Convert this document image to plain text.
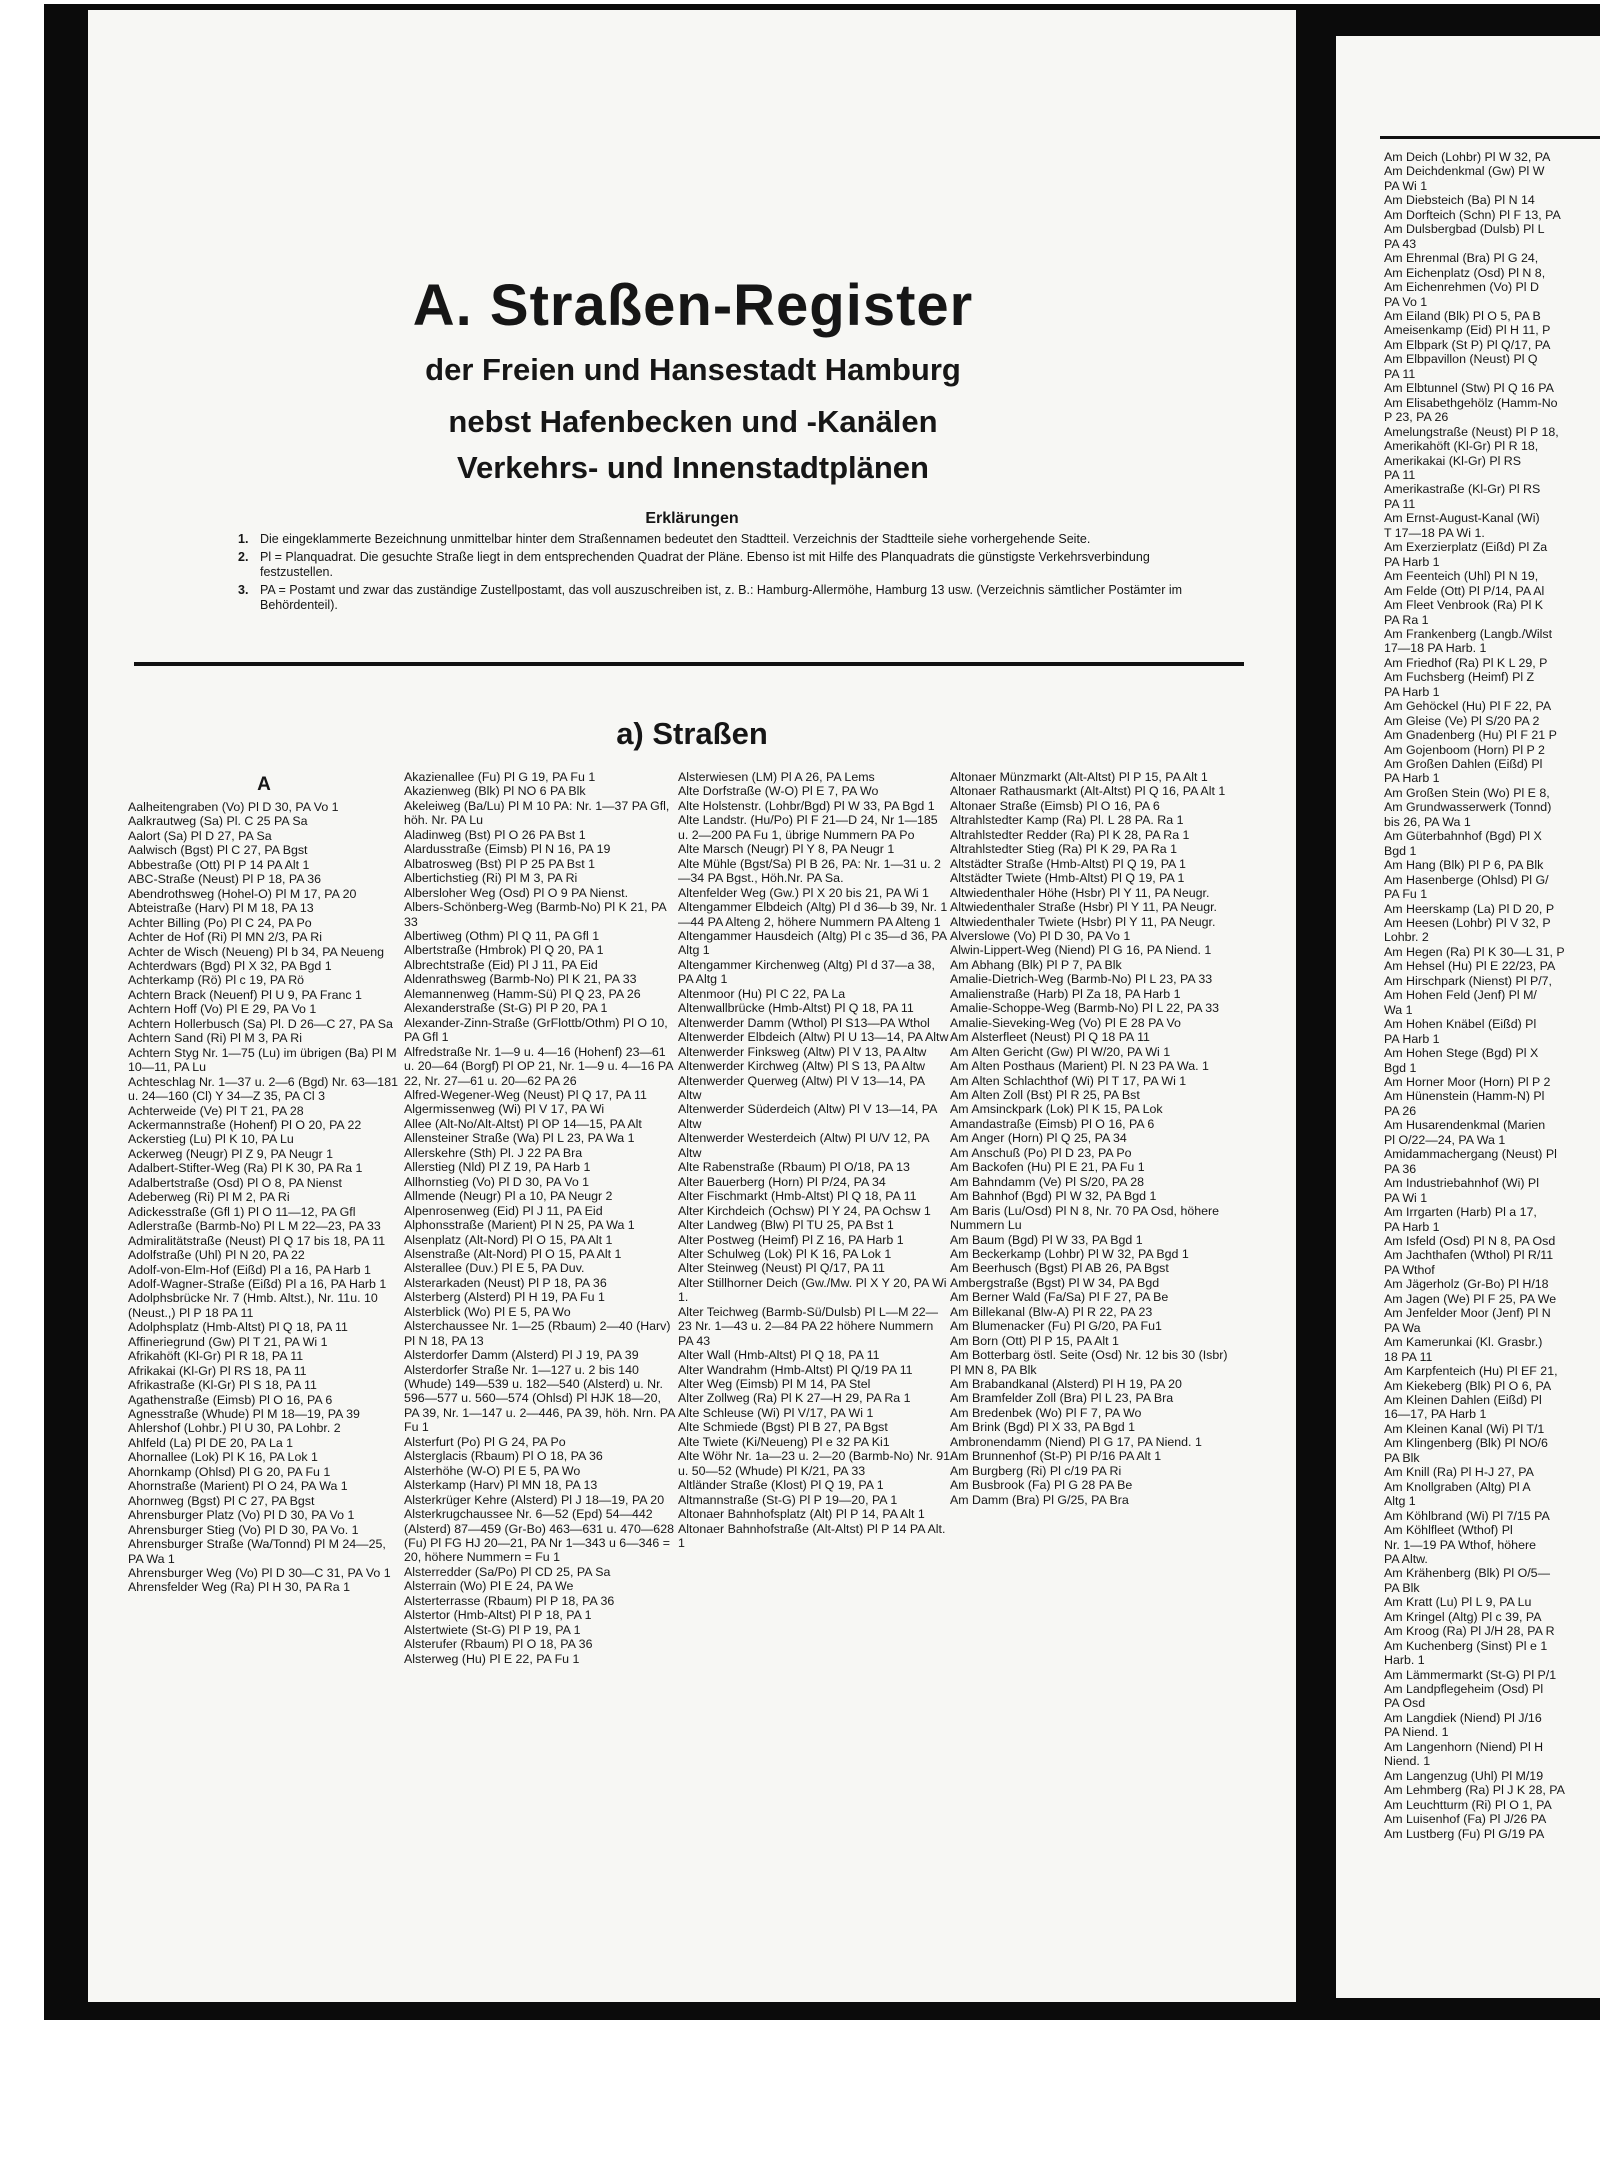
A. Straßen-Register
der Freien und Hansestadt Hamburg
nebst Hafenbecken und -Kanälen
Verkehrs- und Innenstadtplänen
Erklärungen
1. Die eingeklammerte Bezeichnung unmittelbar hinter dem Straßennamen bedeutet den Stadtteil. Verzeichnis der Stadtteile siehe vorhergehende Seite.
2. Pl = Planquadrat. Die gesuchte Straße liegt in dem entsprechenden Quadrat der Pläne. Ebenso ist mit Hilfe des Planquadrats die günstigste Verkehrsverbindung festzustellen.
3. PA = Postamt und zwar das zuständige Zustellpostamt, das voll auszuschreiben ist, z. B.: Hamburg-Allermöhe, Hamburg 13 usw. (Verzeichnis sämtlicher Postämter im Behördenteil).
a) Straßen
A
Aalheitengraben (Vo) Pl D 30, PA Vo 1
Aalkrautweg (Sa) Pl. C 25 PA Sa
Aalort (Sa) Pl D 27, PA Sa
Aalwisch (Bgst) Pl C 27, PA Bgst
Abbestraße (Ott) Pl P 14 PA Alt 1
ABC-Straße (Neust) Pl P 18, PA 36
Abendrothsweg (Hohel-O) Pl M 17, PA 20
Abteistraße (Harv) Pl M 18, PA 13
Achter Billing (Po) Pl C 24, PA Po
Achter de Hof (Ri) Pl MN 2/3, PA Ri
Achter de Wisch (Neueng) Pl b 34, PA Neueng
Achterdwars (Bgd) Pl X 32, PA Bgd 1
Achterkamp (Rö) Pl c 19, PA Rö
Achtern Brack (Neuenf) Pl U 9, PA Franc 1
Achtern Hoff (Vo) Pl E 29, PA Vo 1
Achtern Hollerbusch (Sa) Pl. D 26—C 27, PA Sa
Achtern Sand (Ri) Pl M 3, PA Ri
Achtern Styg Nr. 1—75 (Lu) im übrigen (Ba) Pl M 10—11, PA Lu
Achteschlag Nr. 1—37 u. 2—6 (Bgd) Nr. 63—181 u. 24—160 (Cl) Y 34—Z 35, PA Cl 3
Achterweide (Ve) Pl T 21, PA 28
Ackermannstraße (Hohenf) Pl O 20, PA 22
Ackerstieg (Lu) Pl K 10, PA Lu
Ackerweg (Neugr) Pl Z 9, PA Neugr 1
Adalbert-Stifter-Weg (Ra) Pl K 30, PA Ra 1
Adalbertstraße (Osd) Pl O 8, PA Nienst
Adeberweg (Ri) Pl M 2, PA Ri
Adickesstraße (Gfl 1) Pl O 11—12, PA Gfl
Adlerstraße (Barmb-No) Pl L M 22—23, PA 33
Admiralitätstraße (Neust) Pl Q 17 bis 18, PA 11
Adolfstraße (Uhl) Pl N 20, PA 22
Adolf-von-Elm-Hof (Eißd) Pl a 16, PA Harb 1
Adolf-Wagner-Straße (Eißd) Pl a 16, PA Harb 1
Adolphsbrücke Nr. 7 (Hmb. Altst.), Nr. 11u. 10 (Neust.,) Pl P 18 PA 11
Adolphsplatz (Hmb-Altst) Pl Q 18, PA 11
Affineriegrund (Gw) Pl T 21, PA Wi 1
Afrikahöft (Kl-Gr) Pl R 18, PA 11
Afrikakai (Kl-Gr) Pl RS 18, PA 11
Afrikastraße (Kl-Gr) Pl S 18, PA 11
Agathenstraße (Eimsb) Pl O 16, PA 6
Agnesstraße (Whude) Pl M 18—19, PA 39
Ahlershof (Lohbr.) Pl U 30, PA Lohbr. 2
Ahlfeld (La) Pl DE 20, PA La 1
Ahornallee (Lok) Pl K 16, PA Lok 1
Ahornkamp (Ohlsd) Pl G 20, PA Fu 1
Ahornstraße (Marient) Pl O 24, PA Wa 1
Ahornweg (Bgst) Pl C 27, PA Bgst
Ahrensburger Platz (Vo) Pl D 30, PA Vo 1
Ahrensburger Stieg (Vo) Pl D 30, PA Vo. 1
Ahrensburger Straße (Wa/Tonnd) Pl M 24—25, PA Wa 1
Ahrensburger Weg (Vo) Pl D 30—C 31, PA Vo 1
Ahrensfelder Weg (Ra) Pl H 30, PA Ra 1
Akazienallee (Fu) Pl G 19, PA Fu 1
Akazienweg (Blk) Pl NO 6 PA Blk
Akeleiweg (Ba/Lu) Pl M 10 PA: Nr. 1—37 PA Gfl, höh. Nr. PA Lu
Aladinweg (Bst) Pl O 26 PA Bst 1
Alardusstraße (Eimsb) Pl N 16, PA 19
Albatrosweg (Bst) Pl P 25 PA Bst 1
Albertichstieg (Ri) Pl M 3, PA Ri
Albersloher Weg (Osd) Pl O 9 PA Nienst.
Albers-Schönberg-Weg (Barmb-No) Pl K 21, PA 33
Albertiweg (Othm) Pl Q 11, PA Gfl 1
Albertstraße (Hmbrok) Pl Q 20, PA 1
Albrechtstraße (Eid) Pl J 11, PA Eid
Aldenrathsweg (Barmb-No) Pl K 21, PA 33
Alemannenweg (Hamm-Sü) Pl Q 23, PA 26
Alexanderstraße (St-G) Pl P 20, PA 1
Alexander-Zinn-Straße (GrFlottb/Othm) Pl O 10, PA Gfl 1
Alfredstraße Nr. 1—9 u. 4—16 (Hohenf) 23—61 u. 20—64 (Borgf) Pl OP 21, Nr. 1—9 u. 4—16 PA 22, Nr. 27—61 u. 20—62 PA 26
Alfred-Wegener-Weg (Neust) Pl Q 17, PA 11
Algermissenweg (Wi) Pl V 17, PA Wi
Allee (Alt-No/Alt-Altst) Pl OP 14—15, PA Alt
Allensteiner Straße (Wa) Pl L 23, PA Wa 1
Allerskehre (Sth) Pl. J 22 PA Bra
Allerstieg (Nld) Pl Z 19, PA Harb 1
Allhornstieg (Vo) Pl D 30, PA Vo 1
Allmende (Neugr) Pl a 10, PA Neugr 2
Alpenrosenweg (Eid) Pl J 11, PA Eid
Alphonsstraße (Marient) Pl N 25, PA Wa 1
Alsenplatz (Alt-Nord) Pl O 15, PA Alt 1
Alsenstraße (Alt-Nord) Pl O 15, PA Alt 1
Alsterallee (Duv.) Pl E 5, PA Duv.
Alsterarkaden (Neust) Pl P 18, PA 36
Alsterberg (Alsterd) Pl H 19, PA Fu 1
Alsterblick (Wo) Pl E 5, PA Wo
Alsterchaussee Nr. 1—25 (Rbaum) 2—40 (Harv) Pl N 18, PA 13
Alsterdorfer Damm (Alsterd) Pl J 19, PA 39
Alsterdorfer Straße Nr. 1—127 u. 2 bis 140 (Whude) 149—539 u. 182—540 (Alsterd) u. Nr. 596—577 u. 560—574 (Ohlsd) Pl HJK 18—20, PA 39, Nr. 1—147 u. 2—446, PA 39, höh. Nrn. PA Fu 1
Alsterfurt (Po) Pl G 24, PA Po
Alsterglacis (Rbaum) Pl O 18, PA 36
Alsterhöhe (W-O) Pl E 5, PA Wo
Alsterkamp (Harv) Pl MN 18, PA 13
Alsterkrüger Kehre (Alsterd) Pl J 18—19, PA 20
Alsterkrugchaussee Nr. 6—52 (Epd) 54—442 (Alsterd) 87—459 (Gr-Bo) 463—631 u. 470—628 (Fu) Pl FG HJ 20—21, PA Nr 1—343 u 6—346 = 20, höhere Nummern = Fu 1
Alsterredder (Sa/Po) Pl CD 25, PA Sa
Alsterrain (Wo) Pl E 24, PA We
Alsterterrasse (Rbaum) Pl P 18, PA 36
Alstertor (Hmb-Altst) Pl P 18, PA 1
Alstertwiete (St-G) Pl P 19, PA 1
Alsterufer (Rbaum) Pl O 18, PA 36
Alsterweg (Hu) Pl E 22, PA Fu 1
Alsterwiesen (LM) Pl A 26, PA Lems
Alte Dorfstraße (W-O) Pl E 7, PA Wo
Alte Holstenstr. (Lohbr/Bgd) Pl W 33, PA Bgd 1
Alte Landstr. (Hu/Po) Pl F 21—D 24, Nr 1—185 u. 2—200 PA Fu 1, übrige Nummern PA Po
Alte Marsch (Neugr) Pl Y 8, PA Neugr 1
Alte Mühle (Bgst/Sa) Pl B 26, PA: Nr. 1—31 u. 2—34 PA Bgst., Höh.Nr. PA Sa.
Altenfelder Weg (Gw.) Pl X 20 bis 21, PA Wi 1
Altengammer Elbdeich (Altg) Pl d 36—b 39, Nr. 1—44 PA Alteng 2, höhere Nummern PA Alteng 1
Altengammer Hausdeich (Altg) Pl c 35—d 36, PA Altg 1
Altengammer Kirchenweg (Altg) Pl d 37—a 38, PA Altg 1
Altenmoor (Hu) Pl C 22, PA La
Altenwallbrücke (Hmb-Altst) Pl Q 18, PA 11
Altenwerder Damm (Wthol) Pl S13—PA Wthol
Altenwerder Elbdeich (Altw) Pl U 13—14, PA Altw
Altenwerder Finksweg (Altw) Pl V 13, PA Altw
Altenwerder Kirchweg (Altw) Pl S 13, PA Altw
Altenwerder Querweg (Altw) Pl V 13—14, PA Altw
Altenwerder Süderdeich (Altw) Pl V 13—14, PA Altw
Altenwerder Westerdeich (Altw) Pl U/V 12, PA Altw
Alte Rabenstraße (Rbaum) Pl O/18, PA 13
Alter Bauerberg (Horn) Pl P/24, PA 34
Alter Fischmarkt (Hmb-Altst) Pl Q 18, PA 11
Alter Kirchdeich (Ochsw) Pl Y 24, PA Ochsw 1
Alter Landweg (Blw) Pl TU 25, PA Bst 1
Alter Postweg (Heimf) Pl Z 16, PA Harb 1
Alter Schulweg (Lok) Pl K 16, PA Lok 1
Alter Steinweg (Neust) Pl Q/17, PA 11
Alter Stillhorner Deich (Gw./Mw. Pl X Y 20, PA Wi 1.
Alter Teichweg (Barmb-Sü/Dulsb) Pl L—M 22—23 Nr. 1—43 u. 2—84 PA 22 höhere Nummern PA 43
Alter Wall (Hmb-Altst) Pl Q 18, PA 11
Alter Wandrahm (Hmb-Altst) Pl Q/19 PA 11
Alter Weg (Eimsb) Pl M 14, PA Stel
Alter Zollweg (Ra) Pl K 27—H 29, PA Ra 1
Alte Schleuse (Wi) Pl V/17, PA Wi 1
Alte Schmiede (Bgst) Pl B 27, PA Bgst
Alte Twiete (Ki/Neueng) Pl e 32 PA Ki1
Alte Wöhr Nr. 1a—23 u. 2—20 (Barmb-No) Nr. 91 u. 50—52 (Whude) Pl K/21, PA 33
Altländer Straße (Klost) Pl Q 19, PA 1
Altmannstraße (St-G) Pl P 19—20, PA 1
Altonaer Bahnhofsplatz (Alt) Pl P 14, PA Alt 1
Altonaer Bahnhofstraße (Alt-Altst) Pl P 14 PA Alt. 1
Altonaer Münzmarkt (Alt-Altst) Pl P 15, PA Alt 1
Altonaer Rathausmarkt (Alt-Altst) Pl Q 16, PA Alt 1
Altonaer Straße (Eimsb) Pl O 16, PA 6
Altrahlstedter Kamp (Ra) Pl. L 28 PA. Ra 1
Altrahlstedter Redder (Ra) Pl K 28, PA Ra 1
Altrahlstedter Stieg (Ra) Pl K 29, PA Ra 1
Altstädter Straße (Hmb-Altst) Pl Q 19, PA 1
Altstädter Twiete (Hmb-Altst) Pl Q 19, PA 1
Altwiedenthaler Höhe (Hsbr) Pl Y 11, PA Neugr.
Altwiedenthaler Straße (Hsbr) Pl Y 11, PA Neugr.
Altwiedenthaler Twiete (Hsbr) Pl Y 11, PA Neugr.
Alverslowe (Vo) Pl D 30, PA Vo 1
Alwin-Lippert-Weg (Niend) Pl G 16, PA Niend. 1
Am Abhang (Blk) Pl P 7, PA Blk
Amalie-Dietrich-Weg (Barmb-No) Pl L 23, PA 33
Amalienstraße (Harb) Pl Za 18, PA Harb 1
Amalie-Schoppe-Weg (Barmb-No) Pl L 22, PA 33
Amalie-Sieveking-Weg (Vo) Pl E 28 PA Vo
Am Alsterfleet (Neust) Pl Q 18 PA 11
Am Alten Gericht (Gw) Pl W/20, PA Wi 1
Am Alten Posthaus (Marient) Pl. N 23 PA Wa. 1
Am Alten Schlachthof (Wi) Pl T 17, PA Wi 1
Am Alten Zoll (Bst) Pl R 25, PA Bst
Am Amsinckpark (Lok) Pl K 15, PA Lok
Amandastraße (Eimsb) Pl O 16, PA 6
Am Anger (Horn) Pl Q 25, PA 34
Am Anschuß (Po) Pl D 23, PA Po
Am Backofen (Hu) Pl E 21, PA Fu 1
Am Bahndamm (Ve) Pl S/20, PA 28
Am Bahnhof (Bgd) Pl W 32, PA Bgd 1
Am Baris (Lu/Osd) Pl N 8, Nr. 70 PA Osd, höhere Nummern Lu
Am Baum (Bgd) Pl W 33, PA Bgd 1
Am Beckerkamp (Lohbr) Pl W 32, PA Bgd 1
Am Beerhusch (Bgst) Pl AB 26, PA Bgst
Ambergstraße (Bgst) Pl W 34, PA Bgd
Am Berner Wald (Fa/Sa) Pl F 27, PA Be
Am Billekanal (Blw-A) Pl R 22, PA 23
Am Blumenacker (Fu) Pl G/20, PA Fu1
Am Born (Ott) Pl P 15, PA Alt 1
Am Botterbarg östl. Seite (Osd) Nr. 12 bis 30 (Isbr) Pl MN 8, PA Blk
Am Brabandkanal (Alsterd) Pl H 19, PA 20
Am Bramfelder Zoll (Bra) Pl L 23, PA Bra
Am Bredenbek (Wo) Pl F 7, PA Wo
Am Brink (Bgd) Pl X 33, PA Bgd 1
Ambronendamm (Niend) Pl G 17, PA Niend. 1
Am Brunnenhof (St-P) Pl P/16 PA Alt 1
Am Burgberg (Ri) Pl c/19 PA Ri
Am Busbrook (Fa) Pl G 28 PA Be
Am Damm (Bra) Pl G/25, PA Bra
Am Deich (Lohbr) Pl W 32, PA
Am Deichdenkmal (Gw) Pl W
PA Wi 1
Am Diebsteich (Ba) Pl N 14
Am Dorfteich (Schn) Pl F 13, PA
Am Dulsbergbad (Dulsb) Pl L
PA 43
Am Ehrenmal (Bra) Pl G 24,
Am Eichenplatz (Osd) Pl N 8,
Am Eichenrehmen (Vo) Pl D
PA Vo 1
Am Eiland (Blk) Pl O 5, PA B
Ameisenkamp (Eid) Pl H 11, P
Am Elbpark (St P) Pl Q/17, PA
Am Elbpavillon (Neust) Pl Q
PA 11
Am Elbtunnel (Stw) Pl Q 16 PA
Am Elisabethgehölz (Hamm-No
P 23, PA 26
Amelungstraße (Neust) Pl P 18,
Amerikahöft (Kl-Gr) Pl R 18,
Amerikakai (Kl-Gr) Pl RS
PA 11
Amerikastraße (Kl-Gr) Pl RS
PA 11
Am Ernst-August-Kanal (Wi)
T 17—18 PA Wi 1.
Am Exerzierplatz (Eißd) Pl Za
PA Harb 1
Am Feenteich (Uhl) Pl N 19,
Am Felde (Ott) Pl P/14, PA Al
Am Fleet Venbrook (Ra) Pl K
PA Ra 1
Am Frankenberg (Langb./Wilst
17—18 PA Harb. 1
Am Friedhof (Ra) Pl K L 29, P
Am Fuchsberg (Heimf) Pl Z
PA Harb 1
Am Gehöckel (Hu) Pl F 22, PA
Am Gleise (Ve) Pl S/20 PA 2
Am Gnadenberg (Hu) Pl F 21 P
Am Gojenboom (Horn) Pl P 2
Am Großen Dahlen (Eißd) Pl
PA Harb 1
Am Großen Stein (Wo) Pl E 8,
Am Grundwasserwerk (Tonnd)
bis 26, PA Wa 1
Am Güterbahnhof (Bgd) Pl X
Bgd 1
Am Hang (Blk) Pl P 6, PA Blk
Am Hasenberge (Ohlsd) Pl G/
PA Fu 1
Am Heerskamp (La) Pl D 20, P
Am Heesen (Lohbr) Pl V 32, P
Lohbr. 2
Am Hegen (Ra) Pl K 30—L 31, P
Am Hehsel (Hu) Pl E 22/23, PA
Am Hirschpark (Nienst) Pl P/7,
Am Hohen Feld (Jenf) Pl M/
Wa 1
Am Hohen Knäbel (Eißd) Pl
PA Harb 1
Am Hohen Stege (Bgd) Pl X
Bgd 1
Am Horner Moor (Horn) Pl P 2
Am Hünenstein (Hamm-N) Pl
PA 26
Am Husarendenkmal (Marien
Pl O/22—24, PA Wa 1
Amidammachergang (Neust) Pl
PA 36
Am Industriebahnhof (Wi) Pl
PA Wi 1
Am Irrgarten (Harb) Pl a 17,
PA Harb 1
Am Isfeld (Osd) Pl N 8, PA Osd
Am Jachthafen (Wthol) Pl R/11
PA Wthof
Am Jägerholz (Gr-Bo) Pl H/18
Am Jagen (We) Pl F 25, PA We
Am Jenfelder Moor (Jenf) Pl N
PA Wa
Am Kamerunkai (Kl. Grasbr.)
18 PA 11
Am Karpfenteich (Hu) Pl EF 21,
Am Kiekeberg (Blk) Pl O 6, PA
Am Kleinen Dahlen (Eißd) Pl
16—17, PA Harb 1
Am Kleinen Kanal (Wi) Pl T/1
Am Klingenberg (Blk) Pl NO/6
PA Blk
Am Knill (Ra) Pl H-J 27, PA
Am Knollgraben (Altg) Pl A
Altg 1
Am Köhlbrand (Wi) Pl 7/15 PA
Am Köhlfleet (Wthof) Pl
Nr. 1—19 PA Wthof, höhere
PA Altw.
Am Krähenberg (Blk) Pl O/5—
PA Blk
Am Kratt (Lu) Pl L 9, PA Lu
Am Kringel (Altg) Pl c 39, PA
Am Kroog (Ra) Pl J/H 28, PA R
Am Kuchenberg (Sinst) Pl e 1
Harb. 1
Am Lämmermarkt (St-G) Pl P/1
Am Landpflegeheim (Osd) Pl
PA Osd
Am Langdiek (Niend) Pl J/16
PA Niend. 1
Am Langenhorn (Niend) Pl H
Niend. 1
Am Langenzug (Uhl) Pl M/19
Am Lehmberg (Ra) Pl J K 28, PA
Am Leuchtturm (Ri) Pl O 1, PA
Am Luisenhof (Fa) Pl J/26 PA
Am Lustberg (Fu) Pl G/19 PA
